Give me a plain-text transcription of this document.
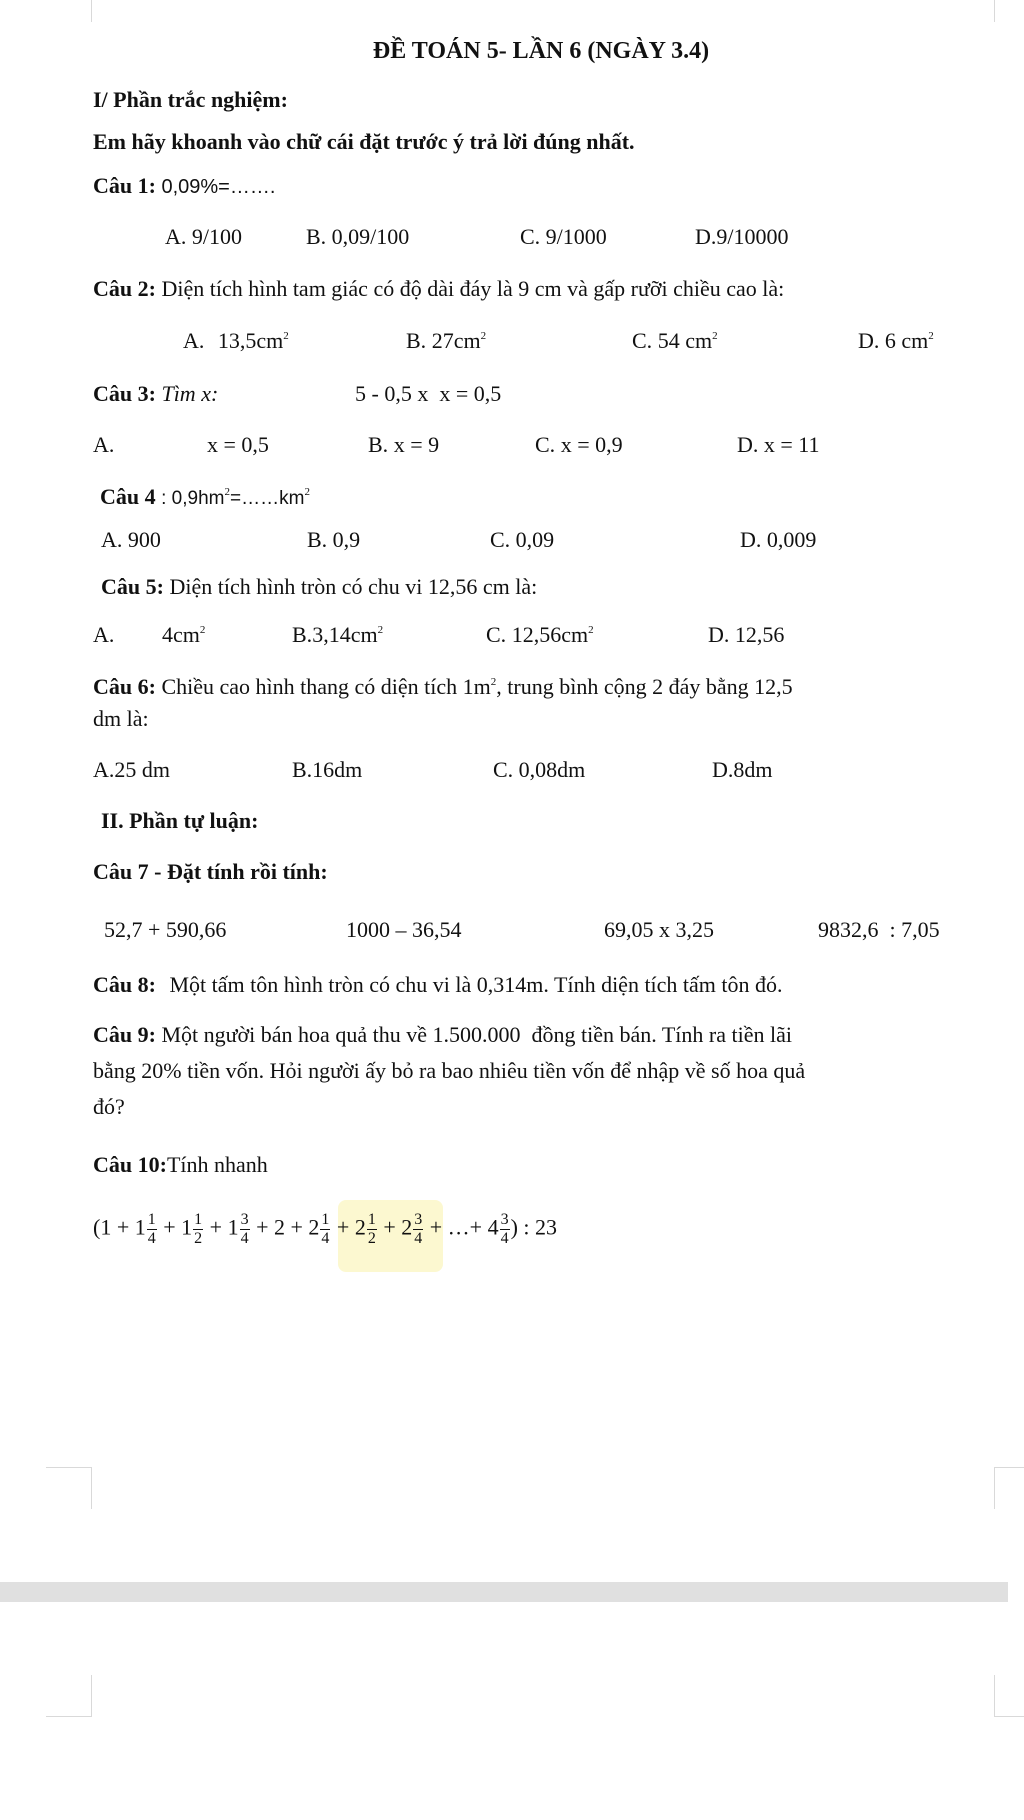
ĐỀ TOÁN 5- LẦN 6 (NGÀY 3.4)
I/ Phần trắc nghiệm:
Em hãy khoanh vào chữ cái đặt trước ý trả lời đúng nhất.
Câu 1: 0,09%=…….
A. 9/100	B. 0,09/100	C. 9/1000	D.9/10000
Câu 2: Diện tích hình tam giác có độ dài đáy là 9 cm và gấp rưỡi chiều cao là:
A. $13,5cm^2$	B. $27cm^2$	C. 54 $cm^2$	D. 6 $cm^2$
Câu 3: Tìm x:	5 - 0,5 x  x = 0,5
A.	x = 0,5	B. x = 9	C. x = 0,9	D. x = 11
Câu 4 : $0,9hm^2=\dots\dots km^2$
A. 900	B. 0,9	C. 0,09	D. 0,009
Câu 5: Diện tích hình tròn có chu vi 12,56 cm là:
A. $4cm^2$	$B.3,14cm^2$	C. $12,56cm^2$	D. 12,56
Câu 6: Chiều cao hình thang có diện tích $1m^2$, trung bình cộng 2 đáy bằng 12,5
dm là:
A.25 dm	B.16dm	C. 0,08dm	D.8dm
II. Phần tự luận:
Câu 7 - Đặt tính rồi tính:
52,7 + 590,66	1000 – 36,54	69,05 x 3,25	9832,6  : 7,05
Câu 8: Một tấm tôn hình tròn có chu vi là 0,314m. Tính diện tích tấm tôn đó.
Câu 9: Một người bán hoa quả thu về 1.500.000  đồng tiền bán. Tính ra tiền lãi
bằng 20% tiền vốn. Hỏi người ấy bỏ ra bao nhiêu tiền vốn để nhập về số hoa quả
đó?
Câu 10:Tính nhanh
($1 + 1 \frac{1}{4} + 1 \frac{1}{2} + 1 \frac{3}{4} + 2 + 2 \frac{1}{4} + 2 \frac{1}{2} + 2 \frac{3}{4}$ + …+ $4 \frac{3}{4}$ ) : 23
